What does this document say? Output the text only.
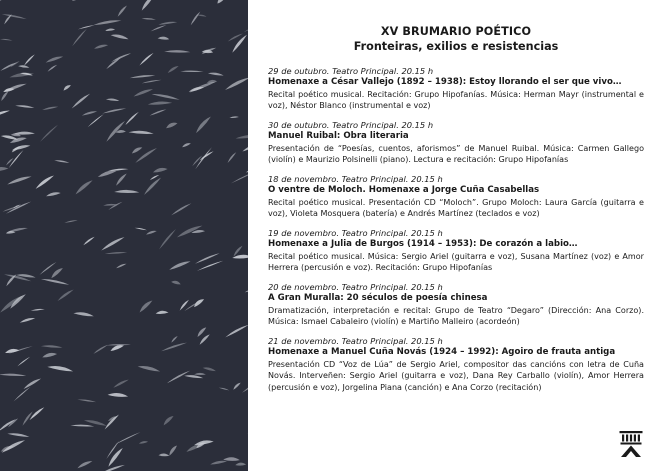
XV BRUMARIO POÉTICO
Fronteiras, exilios e resistencias
29 de outubro. Teatro Principal. 20.15 h
Homenaxe a César Vallejo (1892 – 1938): Estoy llorando el ser que vivo…
Recital poético musical. Recitación: Grupo Hipofanías. Música: Herman Mayr (instrumental e voz), Néstor Blanco (instrumental e voz)
30 de outubro. Teatro Principal. 20.15 h
Manuel Ruibal: Obra literaria
Presentación de “Poesías, cuentos, aforismos” de Manuel Ruibal. Música: Carmen Gallego (violín) e Maurizio Polsinelli (piano). Lectura e recitación: Grupo Hipofanías
18 de novembro. Teatro Principal. 20.15 h
O ventre de Moloch. Homenaxe a Jorge Cuña Casabellas
Recital poético musical. Presentación CD “Moloch”. Grupo Moloch: Laura García (guitarra e voz), Violeta Mosquera (batería) e Andrés Martínez (teclados e voz)
19 de novembro. Teatro Principal. 20.15 h
Homenaxe a Julia de Burgos (1914 – 1953): De corazón a labio…
Recital poético musical. Música: Sergio Ariel (guitarra e voz), Susana Martínez (voz) e Amor Herrera (percusión e voz). Recitación: Grupo Hipofanías
20 de novembro. Teatro Principal. 20.15 h
A Gran Muralla: 20 séculos de poesía chinesa
Dramatización, interpretación e recital: Grupo de Teatro “Degaro” (Dirección: Ana Corzo). Música: Ismael Cabaleiro (violín) e Martiño Malleiro (acordeón)
21 de novembro. Teatro Principal. 20.15 h
Homenaxe a Manuel Cuña Novás (1924 – 1992): Agoiro de frauta antiga
Presentación CD “Voz de Lúa” de Sergio Ariel, compositor das cancións con letra de Cuña Novás. Interveñen: Sergio Ariel (guitarra e voz), Dana Rey Carballo (violín), Amor Herrera (percusión e voz), Jorgelina Piana (canción) e Ana Corzo (recitación)
